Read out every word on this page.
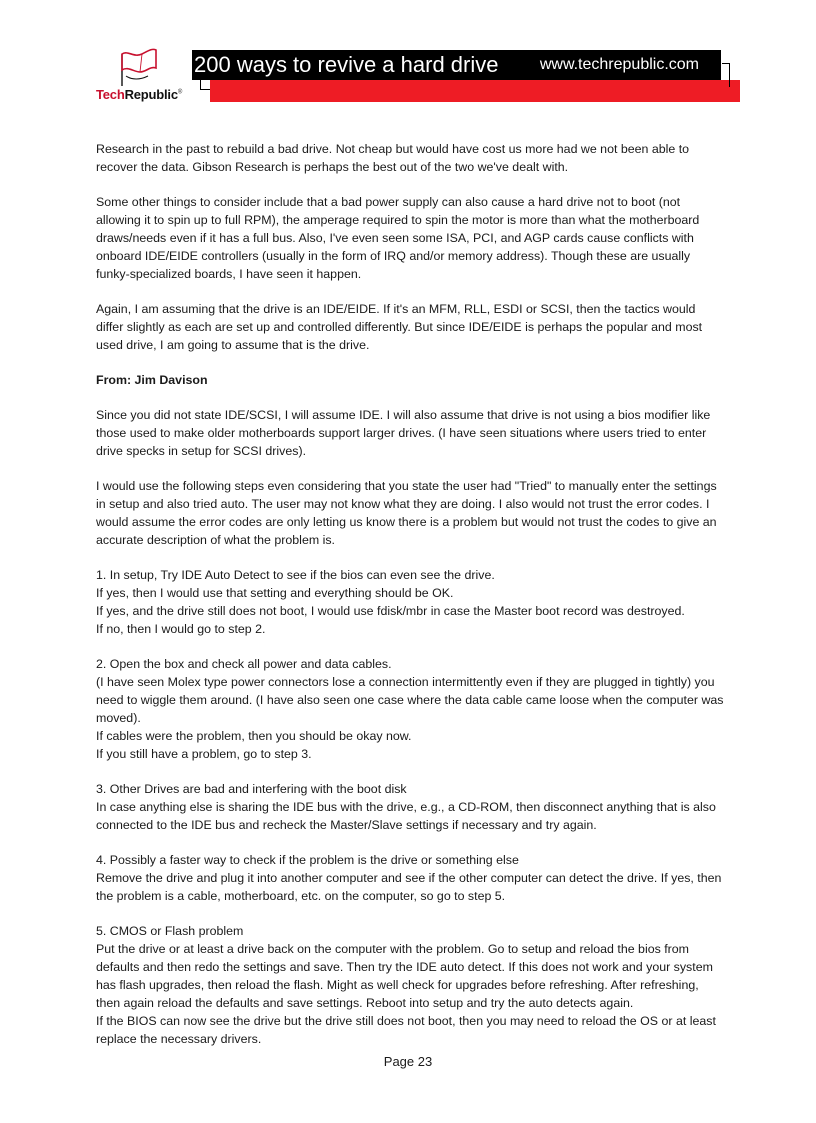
TechRepublic®
200 ways to revive a hard drive	www.techrepublic.com

Research in the past to rebuild a bad drive. Not cheap but would have cost us more had we not been able to recover the data. Gibson Research is perhaps the best out of the two we've dealt with.

Some other things to consider include that a bad power supply can also cause a hard drive not to boot (not allowing it to spin up to full RPM), the amperage required to spin the motor is more than what the motherboard draws/needs even if it has a full bus. Also, I've even seen some ISA, PCI, and AGP cards cause conflicts with onboard IDE/EIDE controllers (usually in the form of IRQ and/or memory address). Though these are usually funky-specialized boards, I have seen it happen.

Again, I am assuming that the drive is an IDE/EIDE. If it's an MFM, RLL, ESDI or SCSI, then the tactics would differ slightly as each are set up and controlled differently. But since IDE/EIDE is perhaps the popular and most used drive, I am going to assume that is the drive.

From: Jim Davison

Since you did not state IDE/SCSI, I will assume IDE. I will also assume that drive is not using a bios modifier like those used to make older motherboards support larger drives. (I have seen situations where users tried to enter drive specks in setup for SCSI drives).

I would use the following steps even considering that you state the user had "Tried" to manually enter the settings in setup and also tried auto. The user may not know what they are doing. I also would not trust the error codes. I would assume the error codes are only letting us know there is a problem but would not trust the codes to give an accurate description of what the problem is.

1. In setup, Try IDE Auto Detect to see if the bios can even see the drive.
If yes, then I would use that setting and everything should be OK.
If yes, and the drive still does not boot, I would use fdisk/mbr in case the Master boot record was destroyed.
If no, then I would go to step 2.

2. Open the box and check all power and data cables.
(I have seen Molex type power connectors lose a connection intermittently even if they are plugged in tightly) you need to wiggle them around. (I have also seen one case where the data cable came loose when the computer was moved).
If cables were the problem, then you should be okay now.
If you still have a problem, go to step 3.

3. Other Drives are bad and interfering with the boot disk
In case anything else is sharing the IDE bus with the drive, e.g., a CD-ROM, then disconnect anything that is also connected to the IDE bus and recheck the Master/Slave settings if necessary and try again.

4. Possibly a faster way to check if the problem is the drive or something else
Remove the drive and plug it into another computer and see if the other computer can detect the drive. If yes, then the problem is a cable, motherboard, etc. on the computer, so go to step 5.

5. CMOS or Flash problem
Put the drive or at least a drive back on the computer with the problem. Go to setup and reload the bios from defaults and then redo the settings and save. Then try the IDE auto detect. If this does not work and your system has flash upgrades, then reload the flash. Might as well check for upgrades before refreshing. After refreshing, then again reload the defaults and save settings. Reboot into setup and try the auto detects again.
If the BIOS can now see the drive but the drive still does not boot, then you may need to reload the OS or at least replace the necessary drivers.

Page 23
